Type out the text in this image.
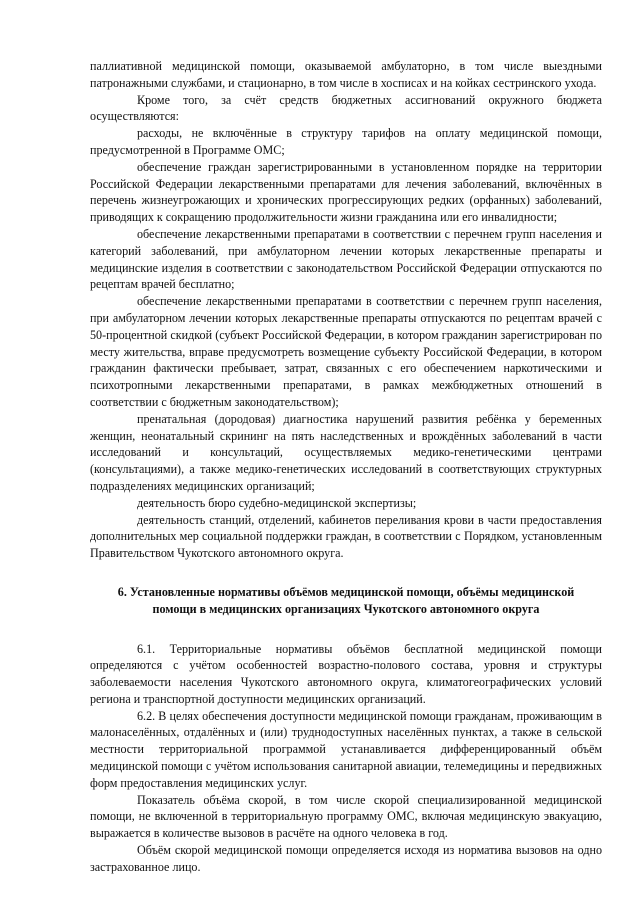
паллиативной медицинской помощи, оказываемой амбулаторно, в том числе выездными патронажными службами, и стационарно, в том числе в хосписах и на койках сестринского ухода.

Кроме того, за счёт средств бюджетных ассигнований окружного бюджета осуществляются:

расходы, не включённые в структуру тарифов на оплату медицинской помощи, предусмотренной в Программе ОМС;

обеспечение граждан зарегистрированными в установленном порядке на территории Российской Федерации лекарственными препаратами для лечения заболеваний, включённых в перечень жизнеугрожающих и хронических прогрессирующих редких (орфанных) заболеваний, приводящих к сокращению продолжительности жизни гражданина или его инвалидности;

обеспечение лекарственными препаратами в соответствии с перечнем групп населения и категорий заболеваний, при амбулаторном лечении которых лекарственные препараты и медицинские изделия в соответствии с законодательством Российской Федерации отпускаются по рецептам врачей бесплатно;

обеспечение лекарственными препаратами в соответствии с перечнем групп населения, при амбулаторном лечении которых лекарственные препараты отпускаются по рецептам врачей с 50-процентной скидкой (субъект Российской Федерации, в котором гражданин зарегистрирован по месту жительства, вправе предусмотреть возмещение субъекту Российской Федерации, в котором гражданин фактически пребывает, затрат, связанных с его обеспечением наркотическими и психотропными лекарственными препаратами, в рамках межбюджетных отношений в соответствии с бюджетным законодательством);

пренатальная (дородовая) диагностика нарушений развития ребёнка у беременных женщин, неонатальный скрининг на пять наследственных и врождённых заболеваний в части исследований и консультаций, осуществляемых медико-генетическими центрами (консультациями), а также медико-генетических исследований в соответствующих структурных подразделениях медицинских организаций;

деятельность бюро судебно-медицинской экспертизы;

деятельность станций, отделений, кабинетов переливания крови в части предоставления дополнительных мер социальной поддержки граждан, в соответствии с Порядком, установленным Правительством Чукотского автономного округа.

6. Установленные нормативы объёмов медицинской помощи, объёмы медицинской помощи в медицинских организациях Чукотского автономного округа

6.1. Территориальные нормативы объёмов бесплатной медицинской помощи определяются с учётом особенностей возрастно-полового состава, уровня и структуры заболеваемости населения Чукотского автономного округа, климатогеографических условий региона и транспортной доступности медицинских организаций.

6.2. В целях обеспечения доступности медицинской помощи гражданам, проживающим в малонаселённых, отдалённых и (или) труднодоступных населённых пунктах, а также в сельской местности территориальной программой устанавливается дифференцированный объём медицинской помощи с учётом использования санитарной авиации, телемедицины и передвижных форм предоставления медицинских услуг.

Показатель объёма скорой, в том числе скорой специализированной медицинской помощи, не включенной в территориальную программу ОМС, включая медицинскую эвакуацию, выражается в количестве вызовов в расчёте на одного человека в год.

Объём скорой медицинской помощи определяется исходя из норматива вызовов на одно застрахованное лицо.
